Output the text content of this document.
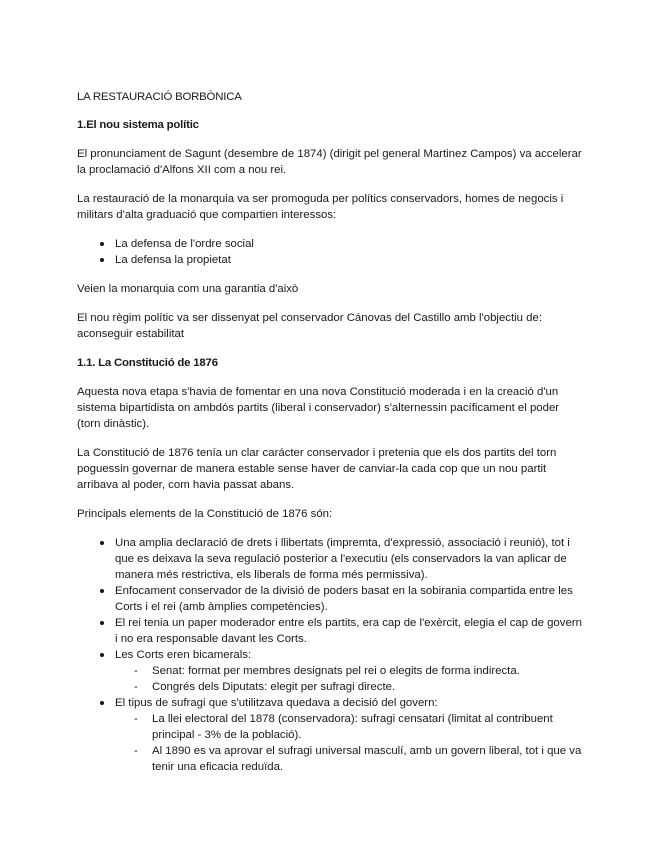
LA RESTAURACIÓ BORBÒNICA

1.El nou sistema polític

El pronunciament de Sagunt (desembre de 1874) (dirigit pel general Martinez Campos) va accelerar la proclamació d'Alfons XII com a nou rei.

La restauració de la monarquia va ser promoguda per polítics conservadors, homes de negocis i militars d'alta graduació que compartien interessos:

La defensa de l'ordre social
La defensa la propietat

Veien la monarquia com una garantia d'això

El nou règim polític va ser dissenyat pel conservador Cánovas del Castillo amb l'objectiu de: aconseguir estabilitat

1.1. La Constitució de 1876

Aquesta nova etapa s'havia de fomentar en una nova Constitució moderada i en la creació d'un sistema bipartidista on ambdós partits (liberal i conservador) s'alternessin pacíficament el poder (torn dinàstic).

La Constitució de 1876 tenía un clar carácter conservador i pretenia que els dos partits del torn poguessin governar de manera estable sense haver de canviar-la cada cop que un nou partit arribava al poder, com havia passat abans.

Principals elements de la Constitució de 1876 són:

Una amplia declaració de drets i llibertats (impremta, d'expressió, associació i reunió), tot i que es deixava la seva regulació posterior a l'executiu (els conservadors la van aplicar de manera més restrictiva, els liberals de forma més permissiva).
Enfocament conservador de la divisió de poders basat en la sobirania compartida entre les Corts i el rei (amb àmplies competències).
El rei tenia un paper moderador entre els partits, era cap de l'exèrcit, elegia el cap de govern i no era responsable davant les Corts.
Les Corts eren bicamerals:
- Senat: format per membres designats pel rei o elegits de forma indirecta.
- Congrés dels Diputats: elegit per sufragi directe.
El tipus de sufragi que s'utilitzava quedava a decisió del govern:
- La llei electoral del 1878 (conservadora): sufragi censatari (limitat al contribuent principal - 3% de la població).
- Al 1890 es va aprovar el sufragi universal masculí, amb un govern liberal, tot i que va tenir una eficacia reduïda.
